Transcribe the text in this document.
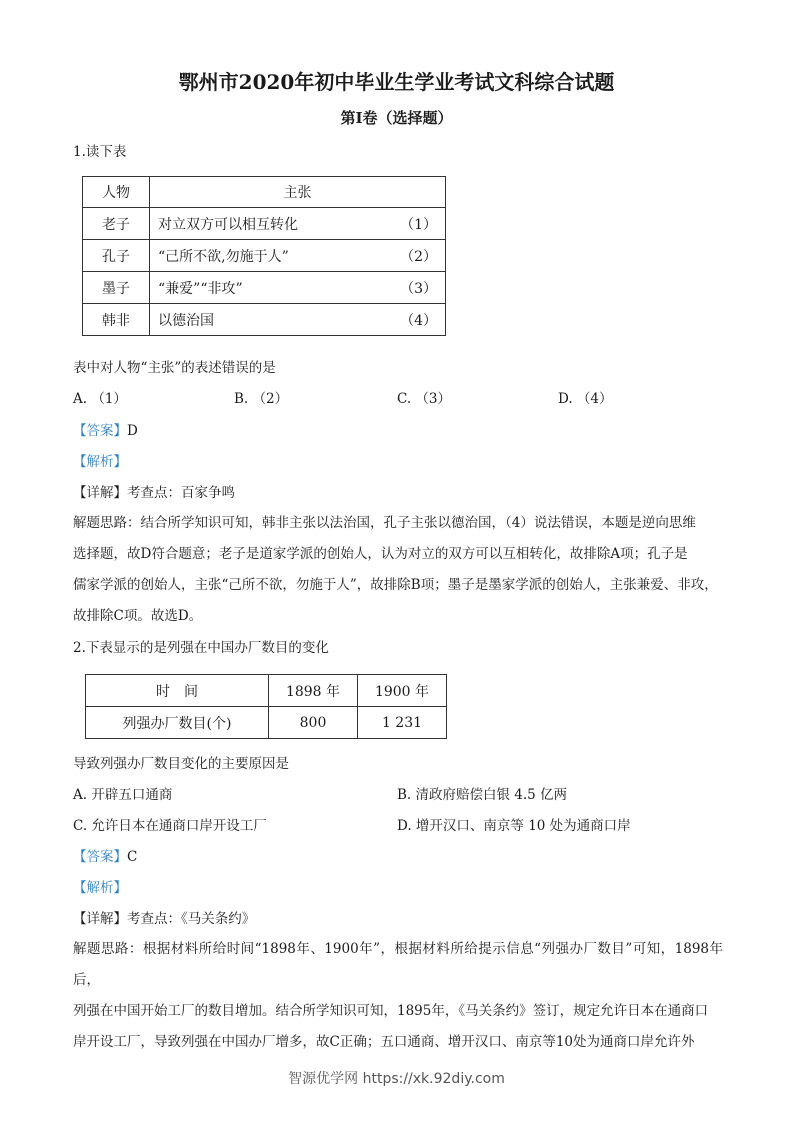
鄂州市2020年初中毕业生学业考试文科综合试题
第Ⅰ卷（选择题）
1.读下表
人物	主张
老子	对立双方可以相互转化 （1）

孔子	“己所不欲,勿施于人” （2）

墨子	“兼爱”“非攻” （3）

韩非	以德治国 （4）
表中对人物“主张”的表述错误的是
A. （1）	B. （2）	C. （3）	D. （4）
【答案】D
【解析】
【详解】考查点：百家争鸣
解题思路：结合所学知识可知，韩非主张以法治国，孔子主张以德治国，（4）说法错误，本题是逆向思维
选择题，故D符合题意；老子是道家学派的创始人，认为对立的双方可以互相转化，故排除A项；孔子是
儒家学派的创始人，主张“己所不欲，勿施于人”，故排除B项；墨子是墨家学派的创始人，主张兼爱、非攻，
故排除C项。故选D。
2.下表显示的是列强在中国办厂数目的变化
时　间	1898 年	1900 年
列强办厂数目(个)	800	1 231
导致列强办厂数目变化的主要原因是
A. 开辟五口通商	B. 清政府赔偿白银 4.5 亿两
C. 允许日本在通商口岸开设工厂	D. 增开汉口、南京等 10 处为通商口岸
【答案】C
【解析】
【详解】考查点：《马关条约》
解题思路：根据材料所给时间“1898年、1900年”，根据材料所给提示信息“列强办厂数目”可知，1898年后，
列强在中国开始工厂的数目增加。结合所学知识可知，1895年，《马关条约》签订，规定允许日本在通商口
岸开设工厂，导致列强在中国办厂增多，故C正确；五口通商、增开汉口、南京等10处为通商口岸允许外
智源优学网 https://xk.92diy.com
